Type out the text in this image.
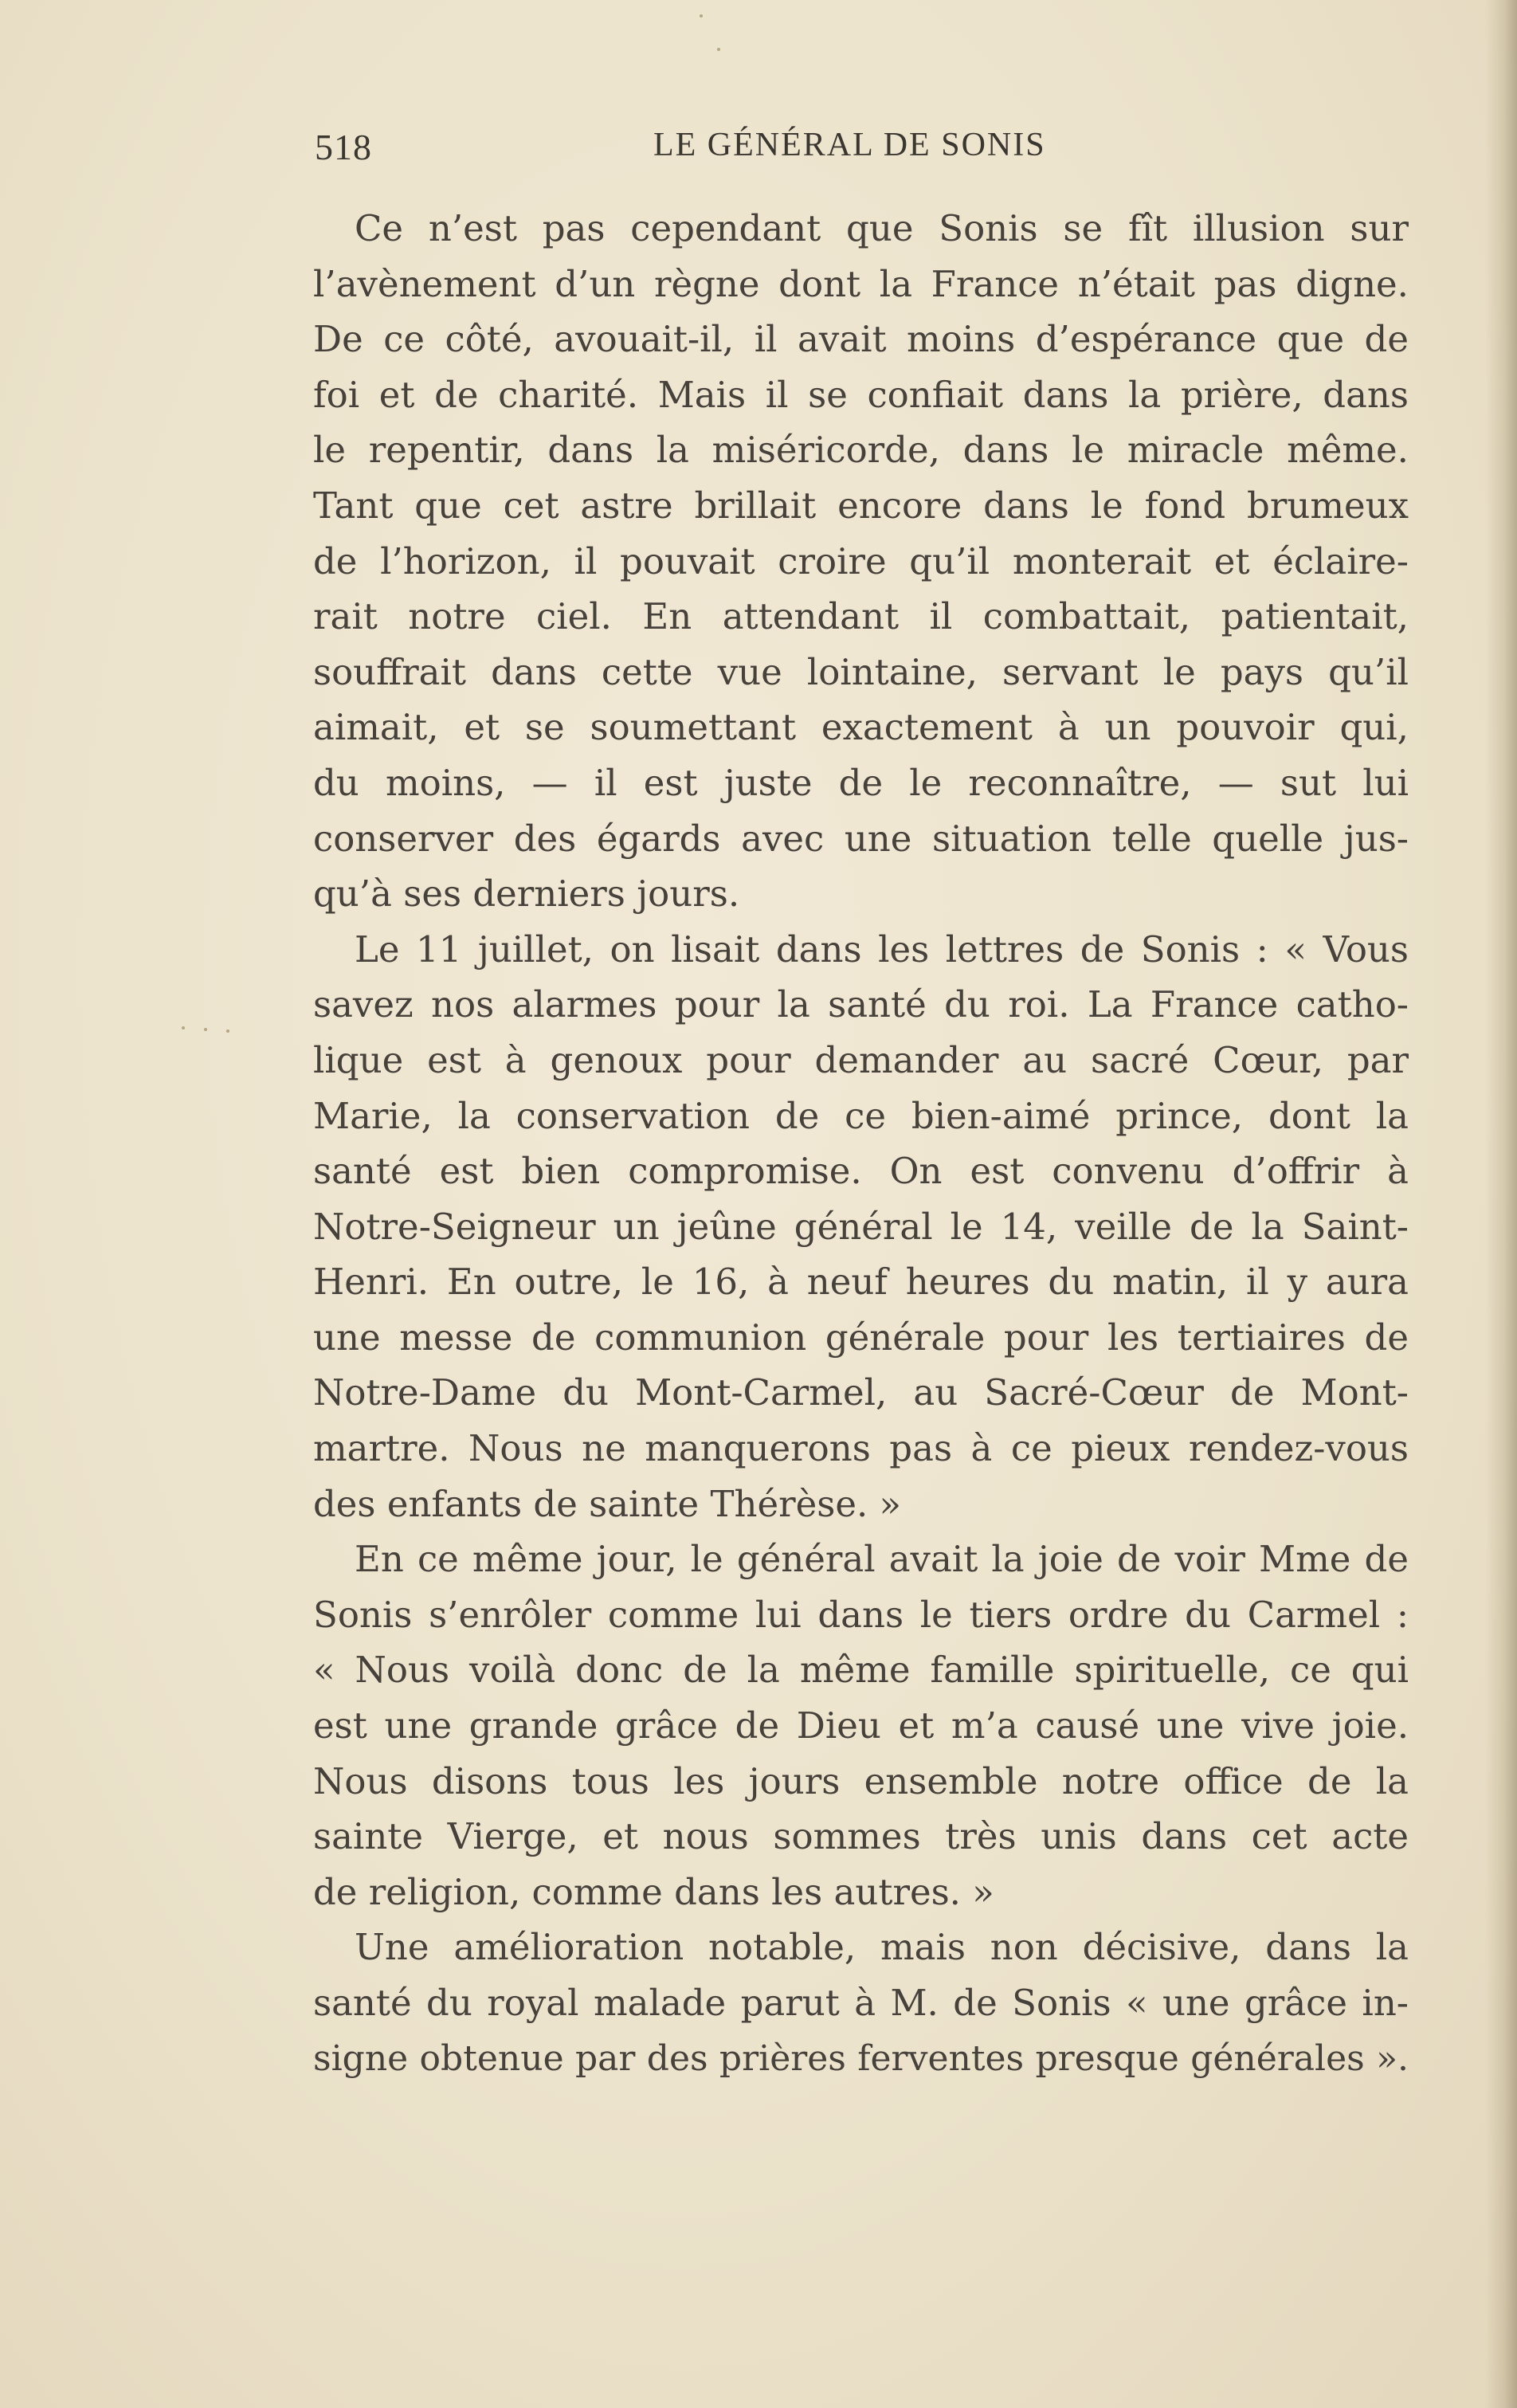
518	LE GÉNÉRAL DE SONIS
Ce n’est pas cependant que Sonis se fît illusion sur
l’avènement d’un règne dont la France n’était pas digne.
De ce côté, avouait-il, il avait moins d’espérance que de
foi et de charité. Mais il se confiait dans la prière, dans
le repentir, dans la miséricorde, dans le miracle même.
Tant que cet astre brillait encore dans le fond brumeux
de l’horizon, il pouvait croire qu’il monterait et éclaire-
rait notre ciel. En attendant il combattait, patientait,
souffrait dans cette vue lointaine, servant le pays qu’il
aimait, et se soumettant exactement à un pouvoir qui,
du moins, — il est juste de le reconnaître, — sut lui
conserver des égards avec une situation telle quelle jus-
qu’à ses derniers jours.
Le 11 juillet, on lisait dans les lettres de Sonis : « Vous
savez nos alarmes pour la santé du roi. La France catho-
lique est à genoux pour demander au sacré Cœur, par
Marie, la conservation de ce bien-aimé prince, dont la
santé est bien compromise. On est convenu d’offrir à
Notre-Seigneur un jeûne général le 14, veille de la Saint-
Henri. En outre, le 16, à neuf heures du matin, il y aura
une messe de communion générale pour les tertiaires de
Notre-Dame du Mont-Carmel, au Sacré-Cœur de Mont-
martre. Nous ne manquerons pas à ce pieux rendez-vous
des enfants de sainte Thérèse. »
En ce même jour, le général avait la joie de voir Mme de
Sonis s’enrôler comme lui dans le tiers ordre du Carmel :
« Nous voilà donc de la même famille spirituelle, ce qui
est une grande grâce de Dieu et m’a causé une vive joie.
Nous disons tous les jours ensemble notre office de la
sainte Vierge, et nous sommes très unis dans cet acte
de religion, comme dans les autres. »
Une amélioration notable, mais non décisive, dans la
santé du royal malade parut à M. de Sonis « une grâce in-
signe obtenue par des prières ferventes presque générales ».
